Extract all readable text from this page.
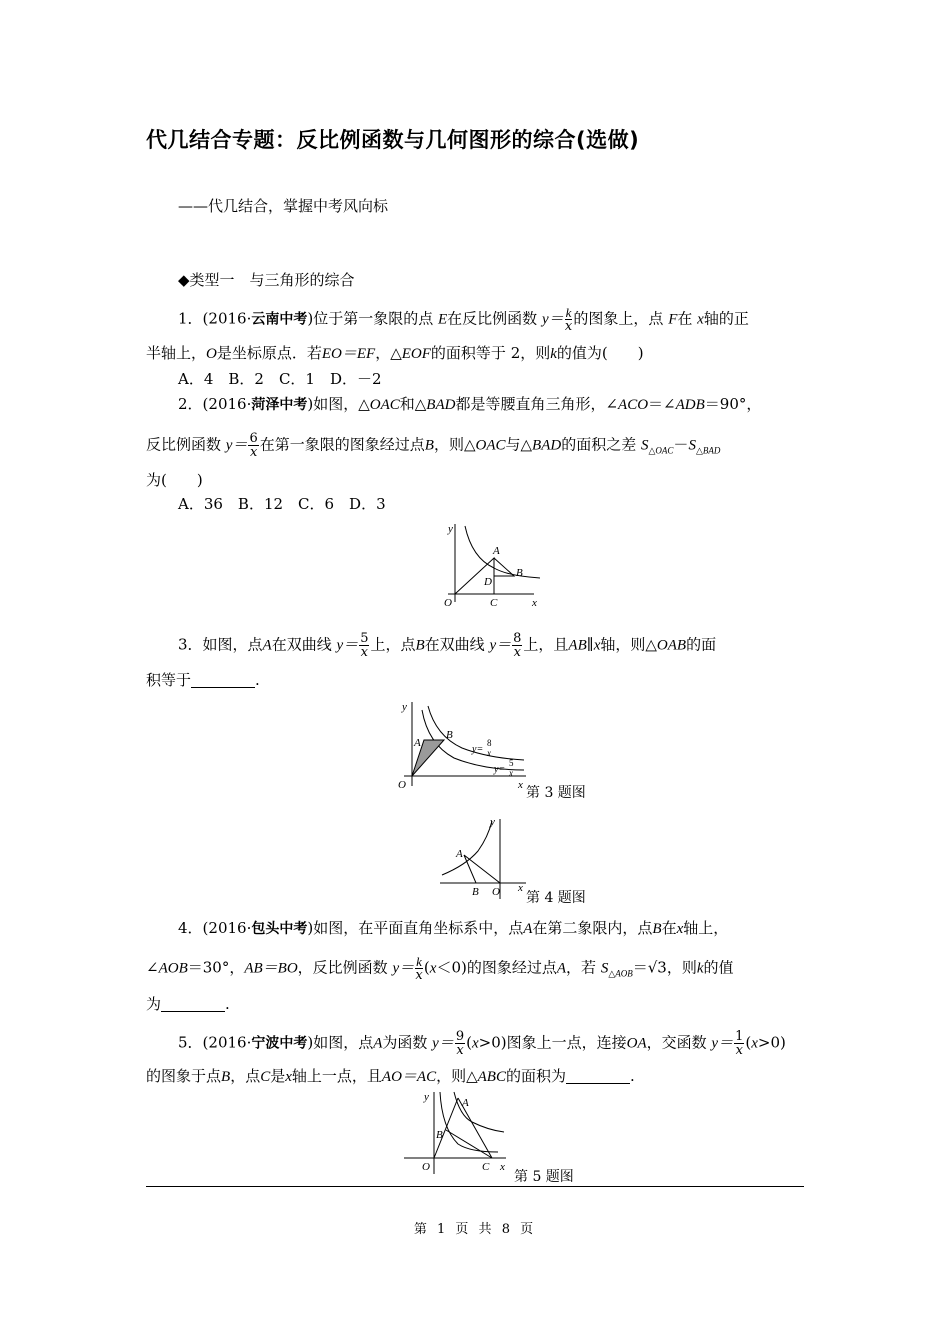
代几结合专题：反比例函数与几何图形的综合(选做)
——代几结合，掌握中考风向标
◆类型一　与三角形的综合
1．(2016·云南中考)位于第一象限的点 E在反比例函数 $y= \frac{k}{x}$ 的图象上，点 F在 x轴的正
半轴上，O是坐标原点．若EO＝EF，△EOF的面积等于 2，则k的值为(　　)
A．4　B．2　C．1　D．－2
2．(2016·菏泽中考)如图，△OAC和△BAD都是等腰直角三角形，∠ACO＝∠ADB＝90°，
反比例函数 $y= \frac{6}{x}$ 在第一象限的图象经过点B，则△OAC与△BAD的面积之差 $S_{\triangle OAC}-S_{\triangle BAD}$
为(　　)
A．36　B．12　C．6　D．3
y
A
D
B
O	C	x
3．如图，点A在双曲线 $y= \frac{5}{x}$ 上，点B在双曲线 $y= \frac{8}{x}$ 上，且AB∥x轴，则△OAB的面
积等于	.
y
A
B
O	x
y=
8
x
y=
5
x
第 3 题图
y
A
B O x
第 4 题图
4．(2016·包头中考)如图，在平面直角坐标系中，点A在第二象限内，点B在x轴上，
∠AOB＝30°，AB＝BO，反比例函数 $y= \frac{k}{x} (x<0)$的图象经过点A，若 $S_{\triangle AOB}=√3$，则k的值
为	.
5．(2016·宁波中考)如图，点A为函数 $y= \frac{9}{x} (x>0)$图象上一点，连接OA，交函数 $y= \frac{1}{x} (x>0)$
的图象于点B，点C是x轴上一点，且AO＝AC，则△ABC的面积为	.
y	A
B
O	C x
第 5 题图
第 1 页 共 8 页
